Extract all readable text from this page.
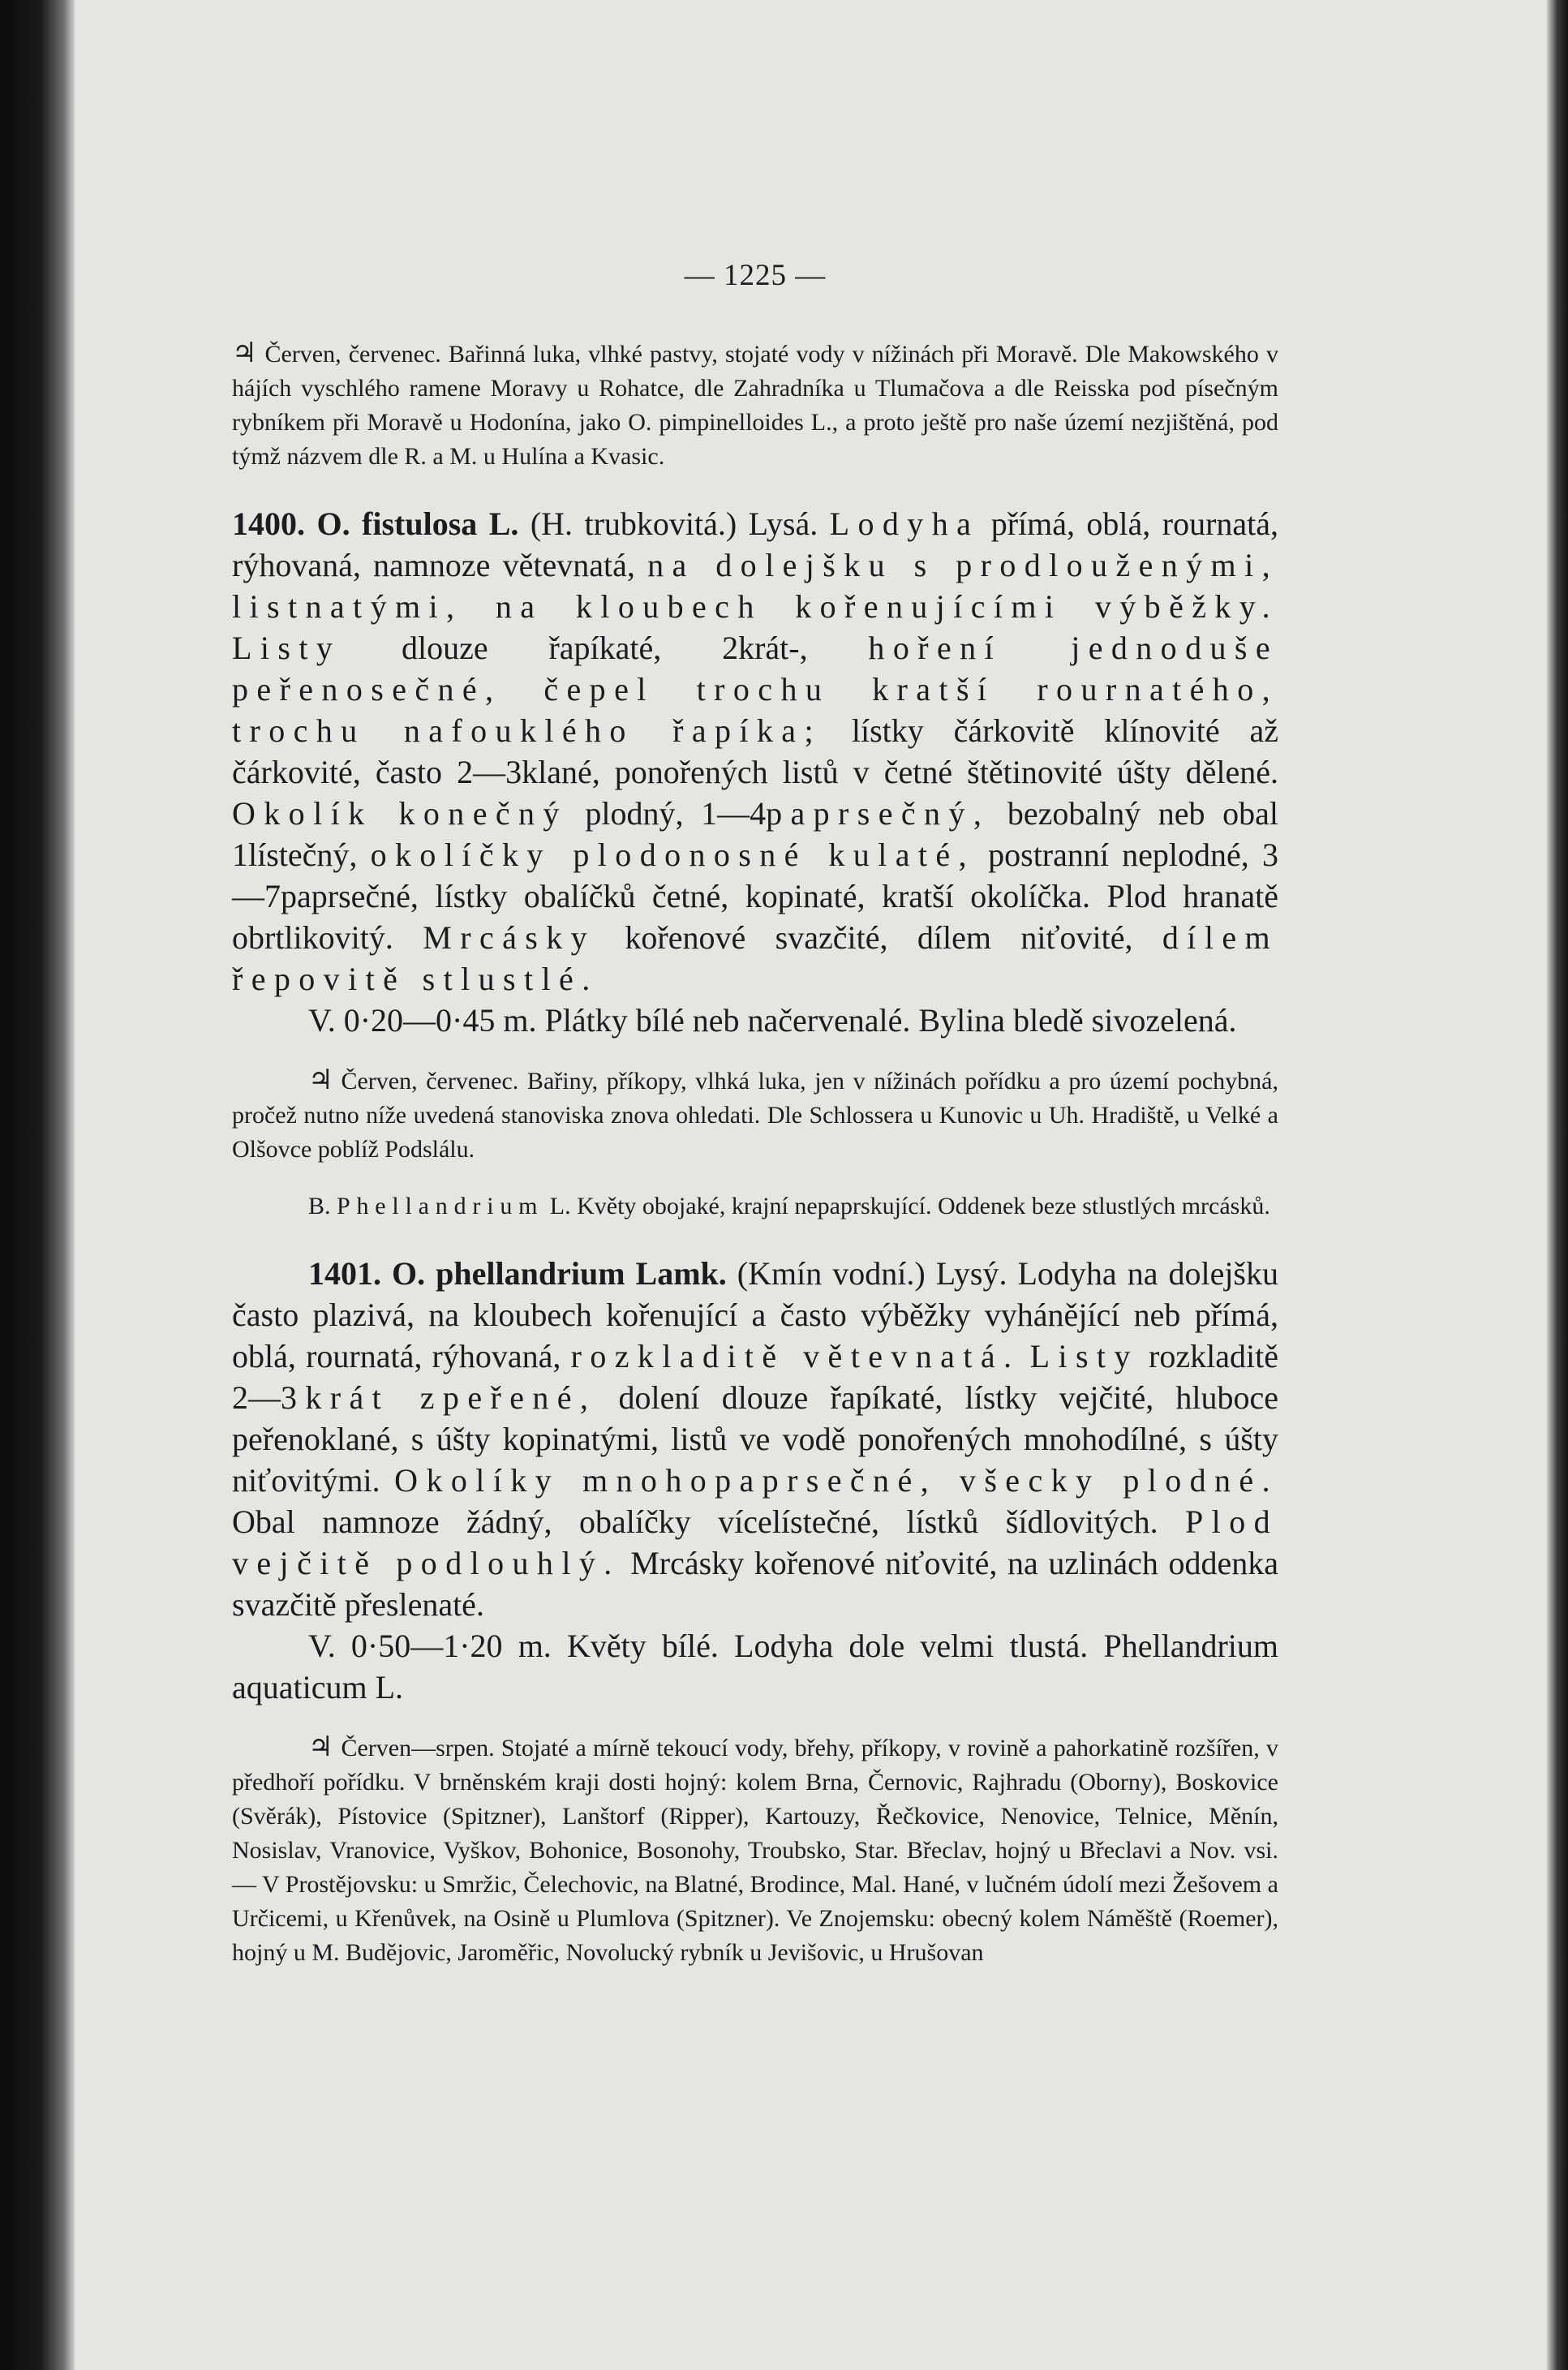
— 1225 —

♃ Červen, červenec. Bařinná luka, vlhké pastvy, stojaté vody v nížinách při Moravě. Dle Makowského v hájích vyschlého ramene Moravy u Rohatce, dle Zahradníka u Tlumačova a dle Reisska pod písečným rybníkem při Moravě u Hodonína, jako O. pimpinelloides L., a proto ještě pro naše území nezjištěná, pod týmž názvem dle R. a M. u Hulína a Kvasic.

1400. O. fistulosa L. (H. trubkovitá.) Lysá. Lodyha přímá, oblá, rournatá, rýhovaná, namnoze větevnatá, na dolejšku s prodlouženými, listnatými, na kloubech kořenujícími výběžky. Listy dlouze řapíkaté, 2krát-, hoření jednoduše peřenosečné, čepel trochu kratší rournatého, trochu nafouklého řapíka; lístky čárkovitě klínovité až čárkovité, často 2—3klané, ponořených listů v četné štětinovité úšty dělené. Okolík konečný plodný, 1—4paprsečný, bezobalný neb obal 1lístečný, okolíčky plodonosné kulaté, postranní neplodné, 3—7paprsečné, lístky obalíčků četné, kopinaté, kratší okolíčka. Plod hranatě obrtlikovitý. Mrcásky kořenové svazčité, dílem niťovité, dílem řepovitě stlustlé.

V. 0·20—0·45 m. Plátky bílé neb načervenalé. Bylina bledě sivozelená.

♃ Červen, červenec. Bařiny, příkopy, vlhká luka, jen v nížinách pořídku a pro území pochybná, pročež nutno níže uvedená stanoviska znova ohledati. Dle Schlossera u Kunovic u Uh. Hradiště, u Velké a Olšovce poblíž Podslálu.

B. Phellandrium L. Květy obojaké, krajní nepaprskující. Oddenek beze stlustlých mrcásků.

1401. O. phellandrium Lamk. (Kmín vodní.) Lysý. Lodyha na dolejšku často plazivá, na kloubech kořenující a často výběžky vyhánějící neb přímá, oblá, rournatá, rýhovaná, rozkladitě větevnatá. Listy rozkladitě 2—3krát zpeřené, dolení dlouze řapíkaté, lístky vejčité, hluboce peřenoklané, s úšty kopinatými, listů ve vodě ponořených mnohodílné, s úšty niťovitými. Okolíky mnohopaprsečné, všecky plodné. Obal namnoze žádný, obalíčky vícelístečné, lístků šídlovitých. Plod vejčitě podlouhlý. Mrcásky kořenové niťovité, na uzlinách oddenka svazčitě přeslenaté.

V. 0·50—1·20 m. Květy bílé. Lodyha dole velmi tlustá. Phellandrium aquaticum L.

♃ Červen—srpen. Stojaté a mírně tekoucí vody, břehy, příkopy, v rovině a pahorkatině rozšířen, v předhoří pořídku. V brněnském kraji dosti hojný: kolem Brna, Černovic, Rajhradu (Oborny), Boskovice (Svěrák), Pístovice (Spitzner), Lanštorf (Ripper), Kartouzy, Řečkovice, Nenovice, Telnice, Měnín, Nosislav, Vranovice, Vyškov, Bohonice, Bosonohy, Troubsko, Star. Břeclav, hojný u Břeclavi a Nov. vsi. — V Prostějovsku: u Smržic, Čelechovic, na Blatné, Brodince, Mal. Hané, v lučném údolí mezi Žešovem a Určicemi, u Křenůvek, na Osině u Plumlova (Spitzner). Ve Znojemsku: obecný kolem Náměště (Roemer), hojný u M. Budějovic, Jaroměřic, Novolucký rybník u Jevišovic, u Hrušovan
